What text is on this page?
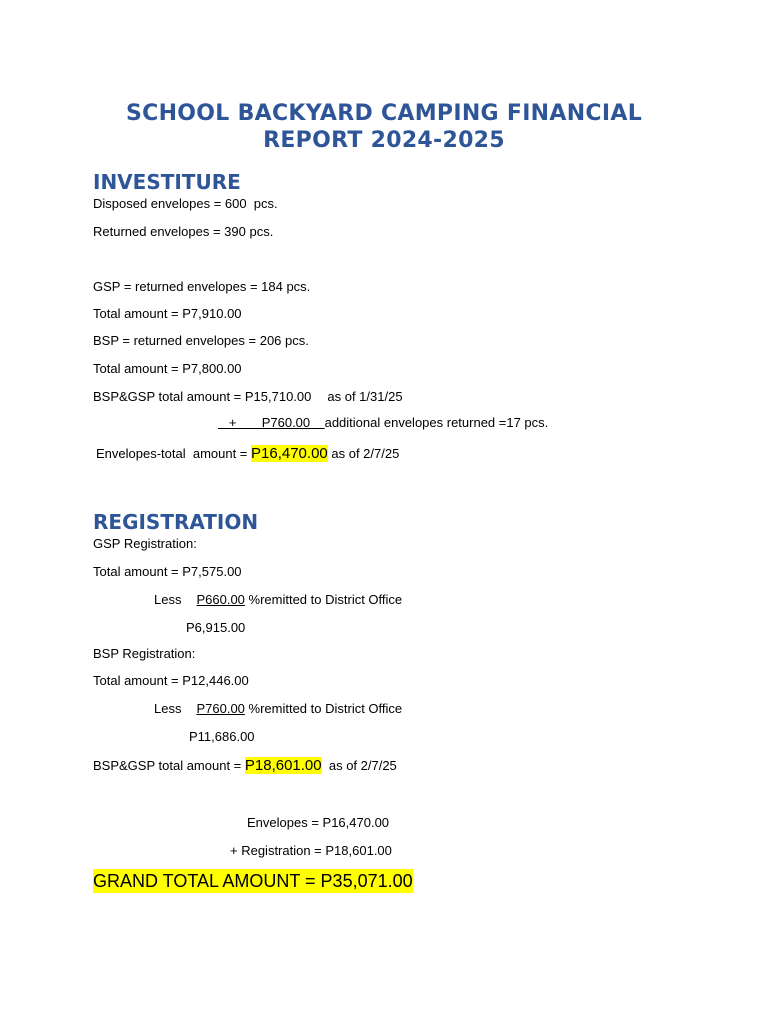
SCHOOL BACKYARD CAMPING FINANCIAL
REPORT 2024-2025
INVESTITURE

Disposed envelopes = 600  pcs.

Returned envelopes = 390 pcs.

GSP = returned envelopes = 184 pcs.

Total amount = P7,910.00

BSP = returned envelopes = 206 pcs.

Total amount = P7,800.00

BSP&GSP total amount = P15,710.00 as of 1/31/25

+       P760.00    additional envelopes returned =17 pcs.

Envelopes-total  amount = P16,470.00 as of 2/7/25

REGISTRATION

GSP Registration:

Total amount = P7,575.00

Less P660.00 %remitted to District Office

P6,915.00

BSP Registration:

Total amount = P12,446.00

Less P760.00 %remitted to District Office

P11,686.00

BSP&GSP total amount = P18,601.00  as of 2/7/25

Envelopes = P16,470.00

+ Registration = P18,601.00

GRAND TOTAL AMOUNT = P35,071.00
